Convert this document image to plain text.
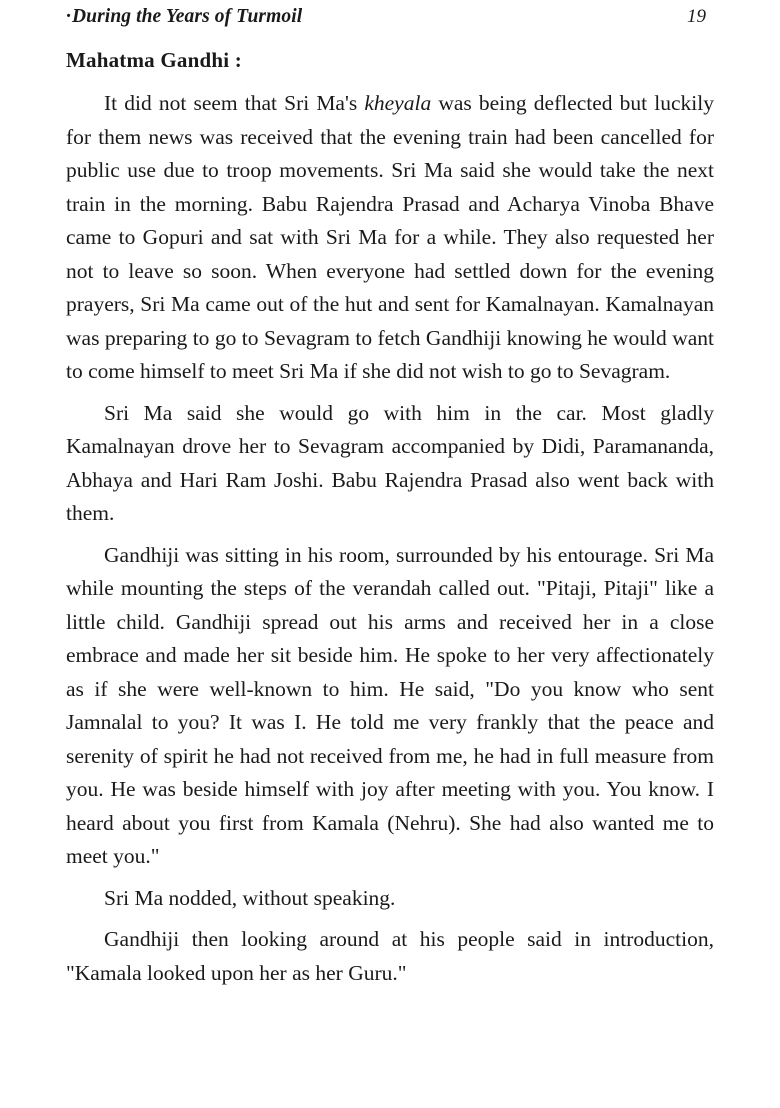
· During the Years of Turmoil	19
Mahatma Gandhi :

It did not seem that Sri Ma's kheyala was being deflected but luckily for them news was received that the evening train had been cancelled for public use due to troop movements. Sri Ma said she would take the next train in the morning. Babu Rajendra Prasad and Acharya Vinoba Bhave came to Gopuri and sat with Sri Ma for a while. They also requested her not to leave so soon. When everyone had settled down for the evening prayers, Sri Ma came out of the hut and sent for Kamalnayan. Kamalnayan was preparing to go to Sevagram to fetch Gandhiji knowing he would want to come himself to meet Sri Ma if she did not wish to go to Sevagram.

Sri Ma said she would go with him in the car. Most gladly Kamalnayan drove her to Sevagram accompanied by Didi, Paramananda, Abhaya and Hari Ram Joshi. Babu Rajendra Prasad also went back with them.

Gandhiji was sitting in his room, surrounded by his entourage. Sri Ma while mounting the steps of the verandah called out. "Pitaji, Pitaji" like a little child. Gandhiji spread out his arms and received her in a close embrace and made her sit beside him. He spoke to her very affectionately as if she were well-known to him. He said, "Do you know who sent Jamnalal to you? It was I. He told me very frankly that the peace and serenity of spirit he had not received from me, he had in full measure from you. He was beside himself with joy after meeting with you. You know. I heard about you first from Kamala (Nehru). She had also wanted me to meet you."

Sri Ma nodded, without speaking.

Gandhiji then looking around at his people said in introduction, "Kamala looked upon her as her Guru."
